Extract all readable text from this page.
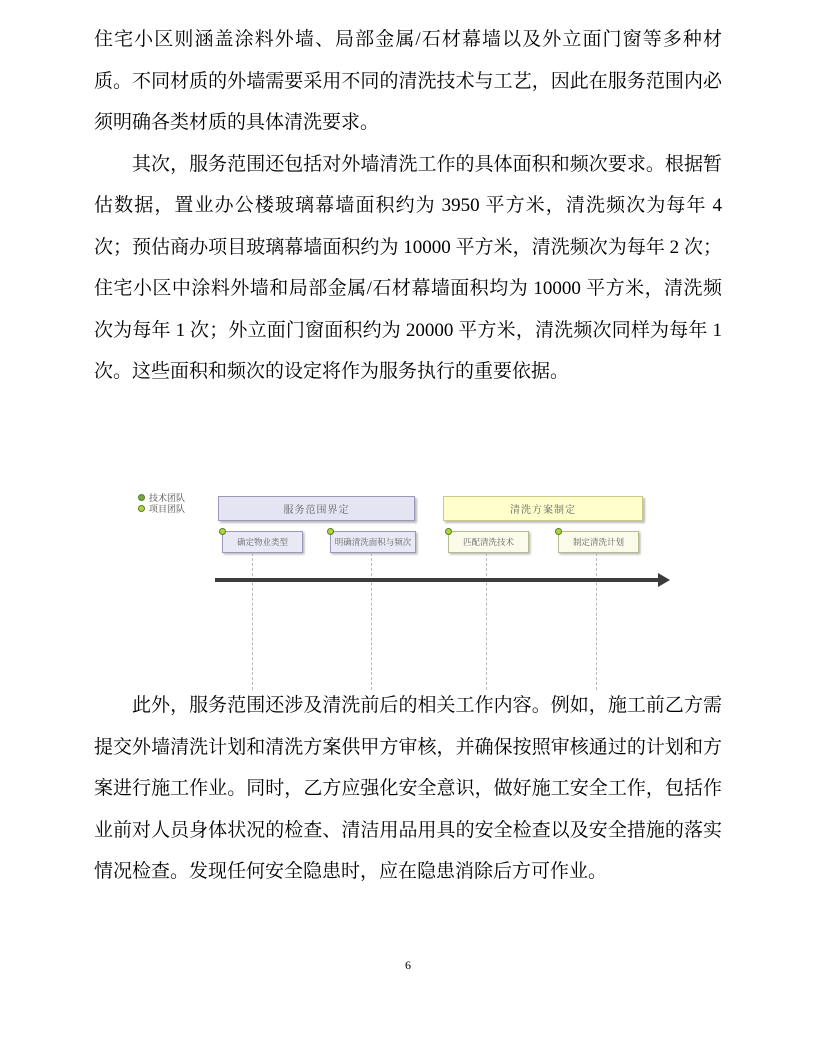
住宅小区则涵盖涂料外墙、局部金属/石材幕墙以及外立面门窗等多种材质。不同材质的外墙需要采用不同的清洗技术与工艺，因此在服务范围内必须明确各类材质的具体清洗要求。

其次，服务范围还包括对外墙清洗工作的具体面积和频次要求。根据暂估数据，置业办公楼玻璃幕墙面积约为 3950 平方米，清洗频次为每年 4 次；预估商办项目玻璃幕墙面积约为 10000 平方米，清洗频次为每年 2 次；住宅小区中涂料外墙和局部金属/石材幕墙面积均为 10000 平方米，清洗频次为每年 1 次；外立面门窗面积约为 20000 平方米，清洗频次同样为每年 1 次。这些面积和频次的设定将作为服务执行的重要依据。

技术团队
项目团队	服务范围界定	清洗方案制定
确定物业类型	明确清洗面积与频次	匹配清洗技术	制定清洗计划

此外，服务范围还涉及清洗前后的相关工作内容。例如，施工前乙方需提交外墙清洗计划和清洗方案供甲方审核，并确保按照审核通过的计划和方案进行施工作业。同时，乙方应强化安全意识，做好施工安全工作，包括作业前对人员身体状况的检查、清洁用品用具的安全检查以及安全措施的落实情况检查。发现任何安全隐患时，应在隐患消除后方可作业。

6
